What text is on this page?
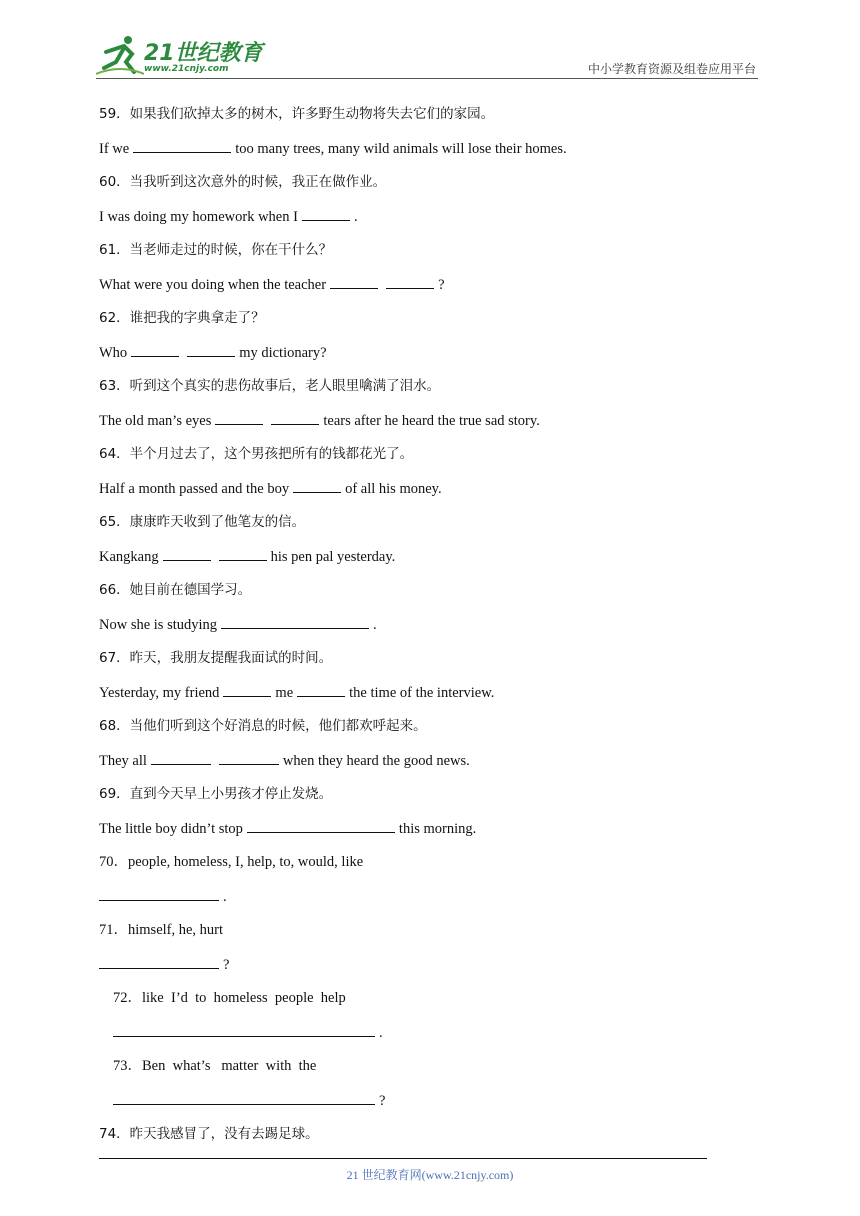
21世纪教育
www.21cnjy.com	中小学教育资源及组卷应用平台
59．如果我们砍掉太多的树木，许多野生动物将失去它们的家园。
If we	too many trees, many wild animals will lose their homes.
60．当我听到这次意外的时候，我正在做作业。
I was doing my homework when I	.
61．当老师走过的时候，你在干什么？
What were you doing when the teacher	?
62．谁把我的字典拿走了？
Who	my dictionary?
63．听到这个真实的悲伤故事后，老人眼里噙满了泪水。
The old man’s eyes	tears after he heard the true sad story.
64．半个月过去了，这个男孩把所有的钱都花光了。
Half a month passed and the boy	of all his money.
65．康康昨天收到了他笔友的信。
Kangkang	his pen pal yesterday.
66．她目前在德国学习。
Now she is studying	.
67．昨天，我朋友提醒我面试的时间。
Yesterday, my friend	me	the time of the interview.
68．当他们听到这个好消息的时候，他们都欢呼起来。
They all	when they heard the good news.
69．直到今天早上小男孩才停止发烧。
The little boy didn’t stop	this morning.
70．people, homeless, I, help, to, would, like
.
71．himself, he, hurt
?
72．like  I’d  to  homeless  people  help
.
73．Ben  what’s   matter  with  the
?
74．昨天我感冒了，没有去踢足球。
21 世纪教育网(www.21cnjy.com)
